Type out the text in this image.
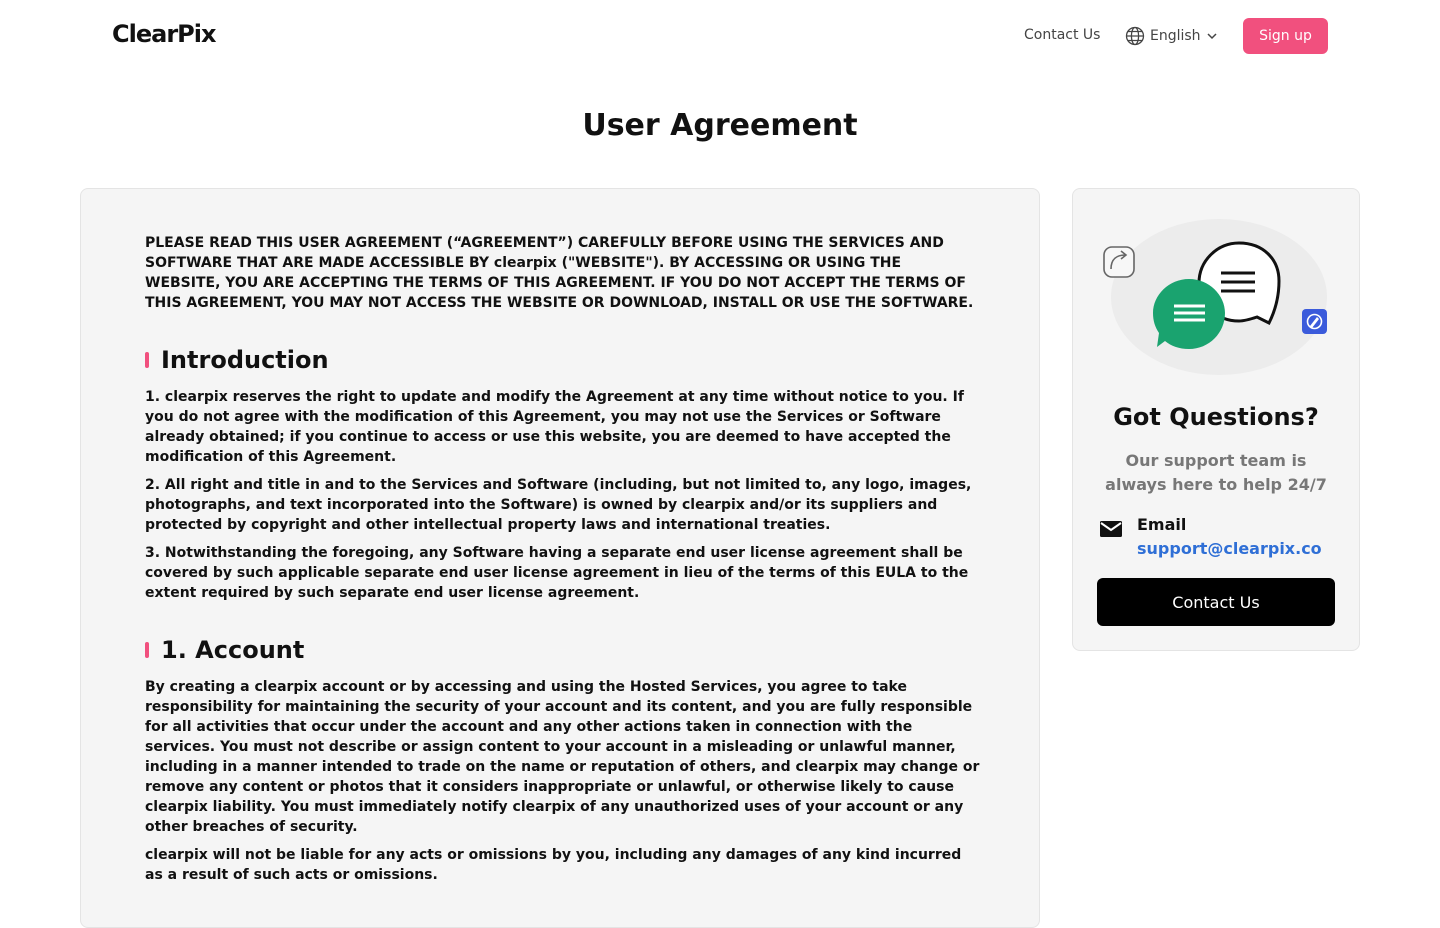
ClearPix	Contact Us	English	Sign up
User Agreement

PLEASE READ THIS USER AGREEMENT (“AGREEMENT”) CAREFULLY BEFORE USING THE SERVICES AND SOFTWARE THAT ARE MADE ACCESSIBLE BY clearpix ("WEBSITE"). BY ACCESSING OR USING THE WEBSITE, YOU ARE ACCEPTING THE TERMS OF THIS AGREEMENT. IF YOU DO NOT ACCEPT THE TERMS OF THIS AGREEMENT, YOU MAY NOT ACCESS THE WEBSITE OR DOWNLOAD, INSTALL OR USE THE SOFTWARE.

Introduction

1. clearpix reserves the right to update and modify the Agreement at any time without notice to you. If you do not agree with the modification of this Agreement, you may not use the Services or Software already obtained; if you continue to access or use this website, you are deemed to have accepted the modification of this Agreement.

2. All right and title in and to the Services and Software (including, but not limited to, any logo, images, photographs, and text incorporated into the Software) is owned by clearpix and/or its suppliers and protected by copyright and other intellectual property laws and international treaties.

3. Notwithstanding the foregoing, any Software having a separate end user license agreement shall be covered by such applicable separate end user license agreement in lieu of the terms of this EULA to the extent required by such separate end user license agreement.

1. Account

By creating a clearpix account or by accessing and using the Hosted Services, you agree to take responsibility for maintaining the security of your account and its content, and you are fully responsible for all activities that occur under the account and any other actions taken in connection with the services. You must not describe or assign content to your account in a misleading or unlawful manner, including in a manner intended to trade on the name or reputation of others, and clearpix may change or remove any content or photos that it considers inappropriate or unlawful, or otherwise likely to cause clearpix liability. You must immediately notify clearpix of any unauthorized uses of your account or any other breaches of security.

clearpix will not be liable for any acts or omissions by you, including any damages of any kind incurred as a result of such acts or omissions.

Got Questions?
Our support team is always here to help 24/7
Email
support@clearpix.co
Contact Us
